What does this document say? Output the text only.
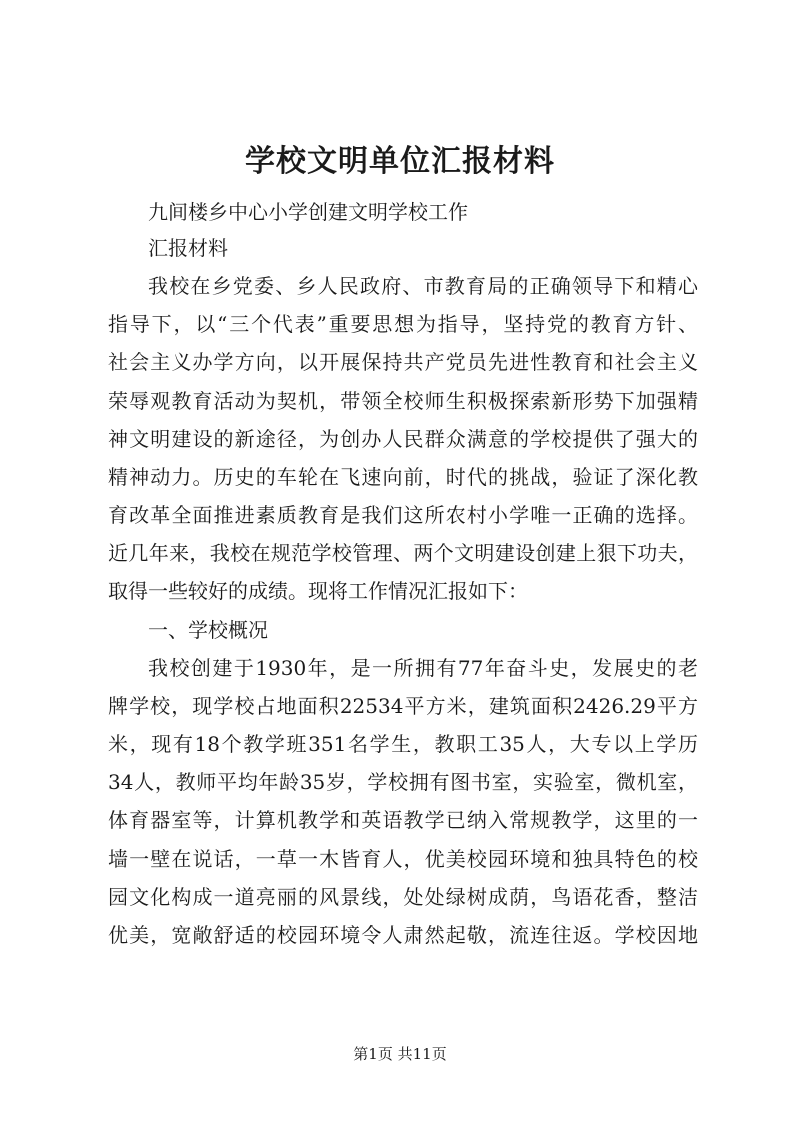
学校文明单位汇报材料

九间楼乡中心小学创建文明学校工作

汇报材料

我校在乡党委、乡人民政府、市教育局的正确领导下和精心

指导下，以“三个代表”重要思想为指导，坚持党的教育方针、

社会主义办学方向，以开展保持共产党员先进性教育和社会主义

荣辱观教育活动为契机，带领全校师生积极探索新形势下加强精

神文明建设的新途径，为创办人民群众满意的学校提供了强大的

精神动力。历史的车轮在飞速向前，时代的挑战，验证了深化教

育改革全面推进素质教育是我们这所农村小学唯一正确的选择。

近几年来，我校在规范学校管理、两个文明建设创建上狠下功夫，

取得一些较好的成绩。现将工作情况汇报如下：

一、学校概况

我校创建于1930年，是一所拥有77年奋斗史，发展史的老

牌学校，现学校占地面积22534平方米，建筑面积2426.29平方

米，现有18个教学班351名学生，教职工35人，大专以上学历

34人，教师平均年龄35岁，学校拥有图书室，实验室，微机室，

体育器室等，计算机教学和英语教学已纳入常规教学，这里的一

墙一壁在说话，一草一木皆育人，优美校园环境和独具特色的校

园文化构成一道亮丽的风景线，处处绿树成荫，鸟语花香，整洁

优美，宽敞舒适的校园环境令人肃然起敬，流连往返。学校因地

第1页 共11页
